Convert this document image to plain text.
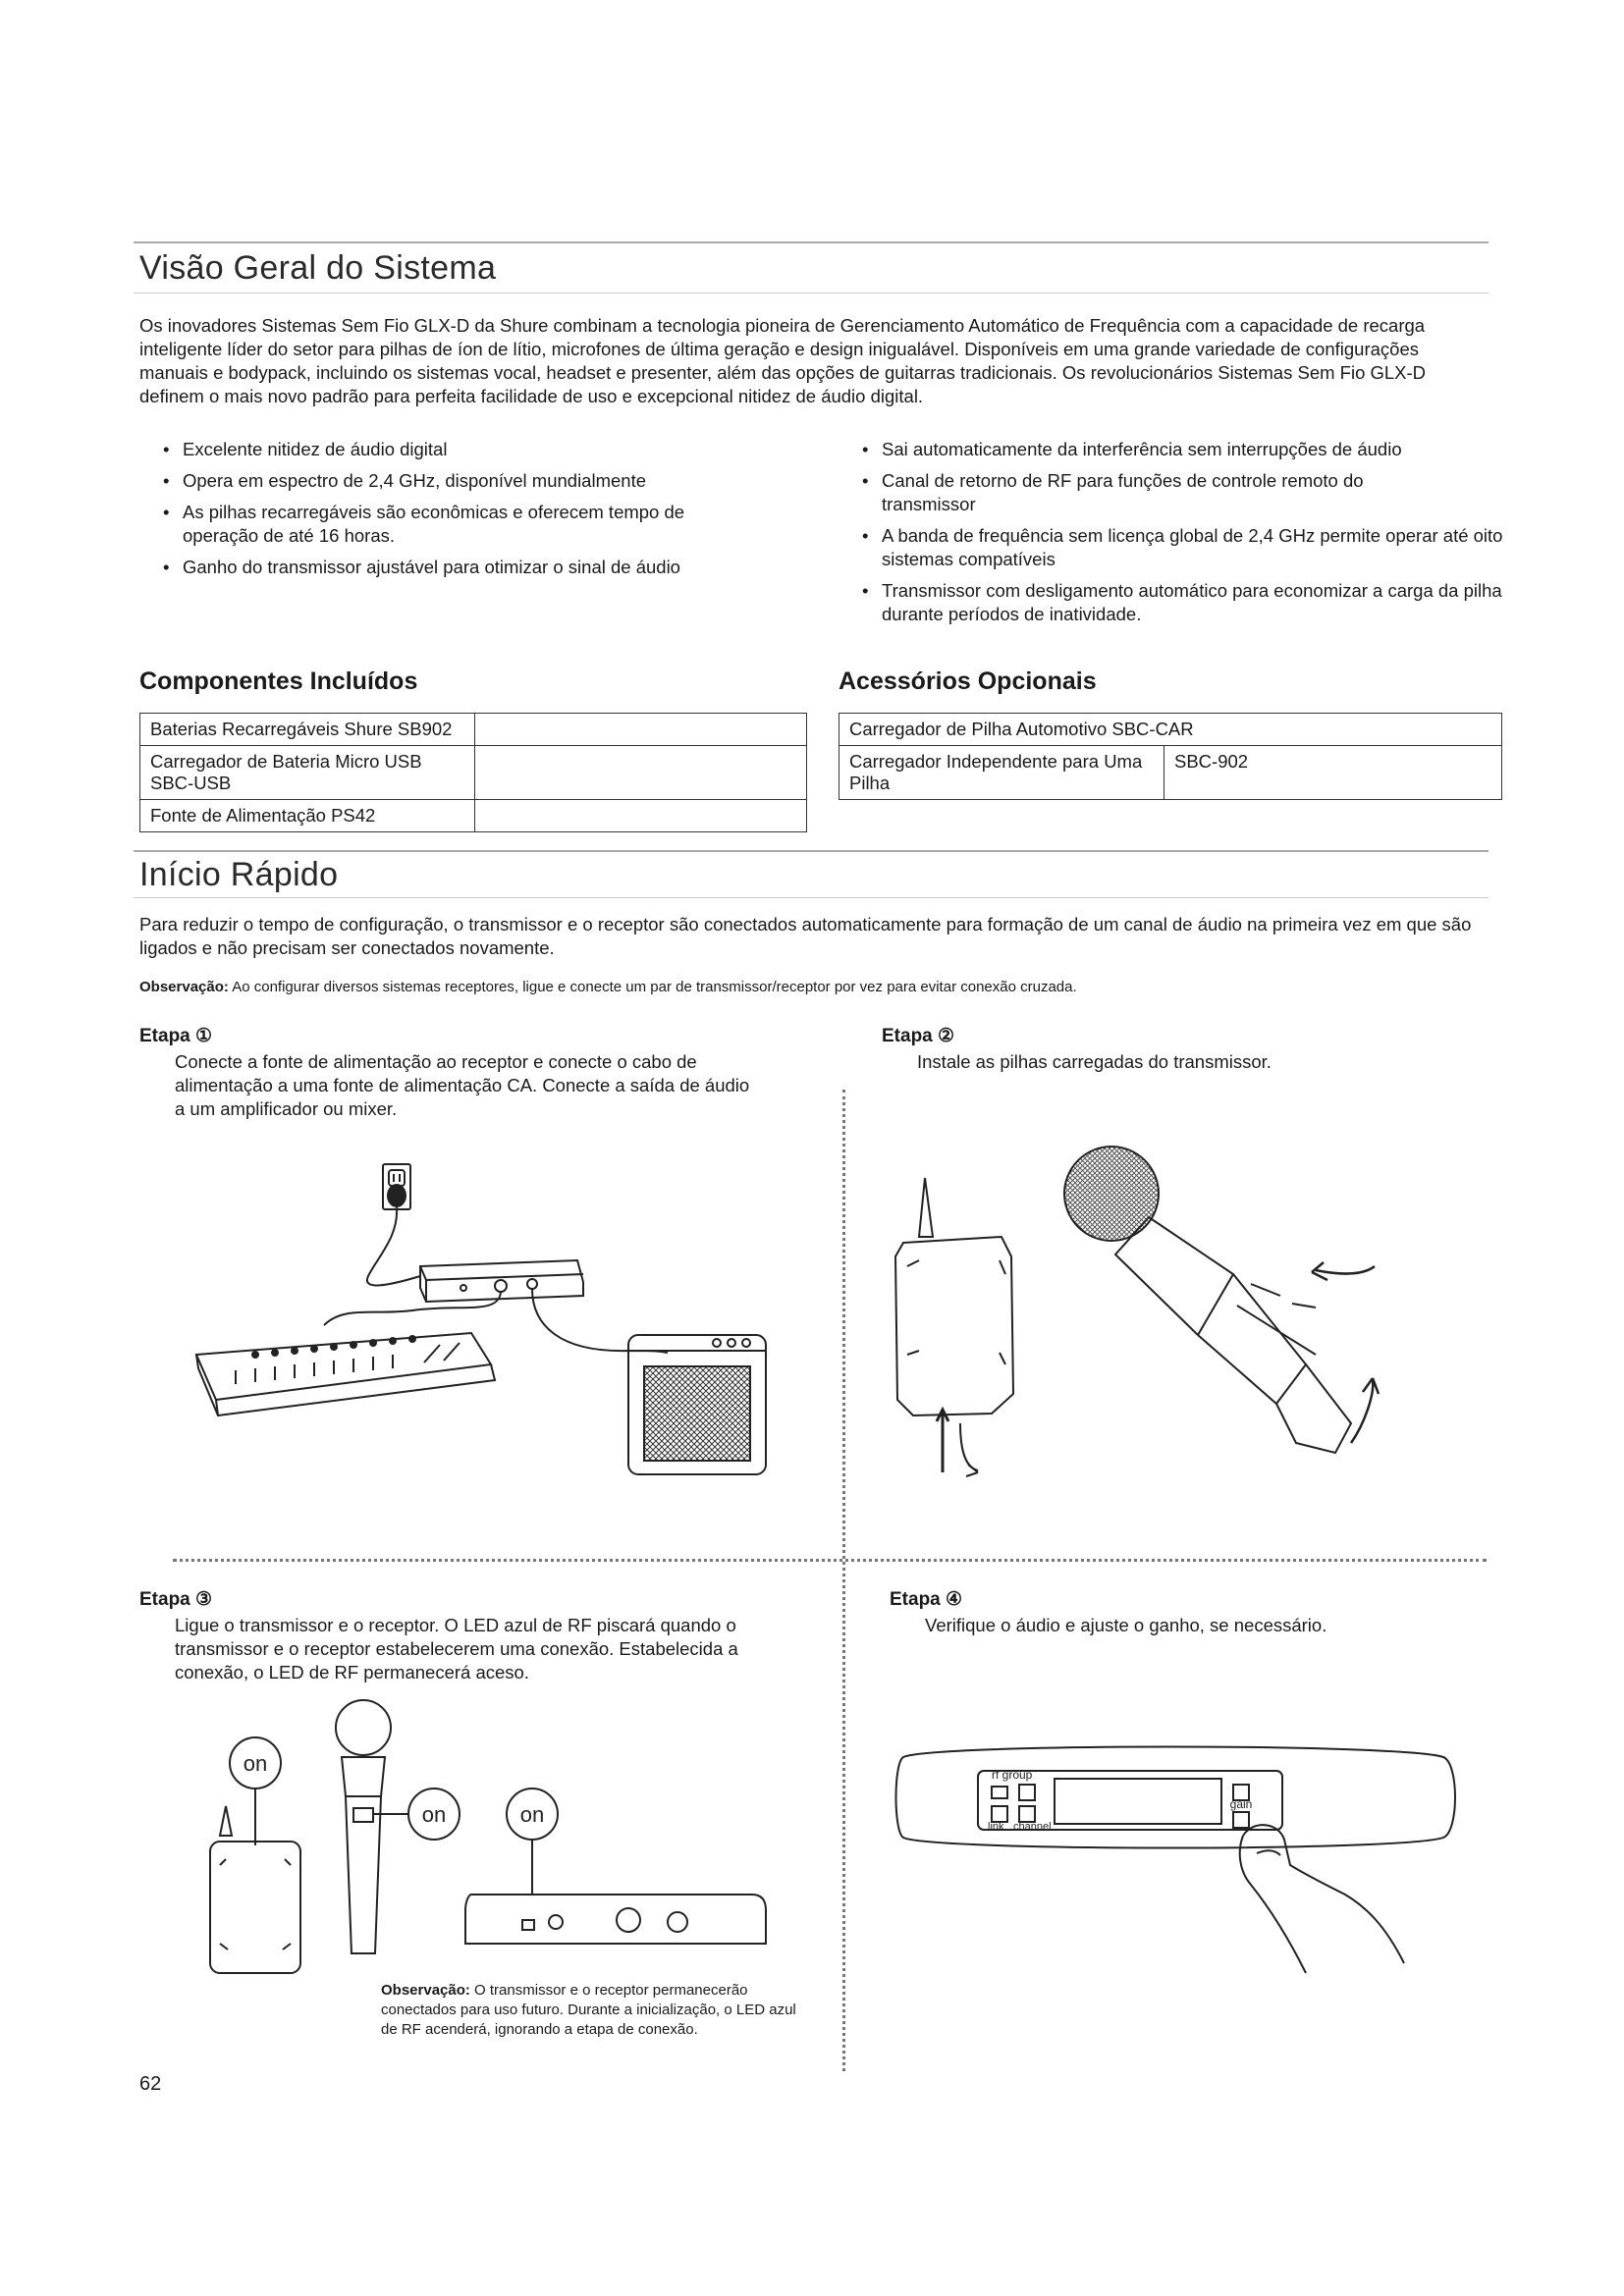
Visão Geral do Sistema
Os inovadores Sistemas Sem Fio GLX-D da Shure combinam a tecnologia pioneira de Gerenciamento Automático de Frequência com a capacidade de recarga inteligente líder do setor para pilhas de íon de lítio, microfones de última geração e design inigualável. Disponíveis em uma grande variedade de configurações manuais e bodypack, incluindo os sistemas vocal, headset e presenter, além das opções de guitarras tradicionais. Os revolucionários Sistemas Sem Fio GLX-D definem o mais novo padrão para perfeita facilidade de uso e excepcional nitidez de áudio digital.
• Excelente nitidez de áudio digital
• Opera em espectro de 2,4 GHz, disponível mundialmente
• As pilhas recarregáveis são econômicas e oferecem tempo de operação de até 16 horas.
• Ganho do transmissor ajustável para otimizar o sinal de áudio
• Sai automaticamente da interferência sem interrupções de áudio
• Canal de retorno de RF para funções de controle remoto do transmissor
• A banda de frequência sem licença global de 2,4 GHz permite operar até oito sistemas compatíveis
• Transmissor com desligamento automático para economizar a carga da pilha durante períodos de inatividade.
Componentes Incluídos
Baterias Recarregáveis Shure SB902	
Carregador de Bateria Micro USB SBC-USB	
Fonte de Alimentação PS42	
Acessórios Opcionais
Carregador de Pilha Automotivo SBC-CAR
Carregador Independente para Uma Pilha	SBC-902
Início Rápido
Para reduzir o tempo de configuração, o transmissor e o receptor são conectados automaticamente para formação de um canal de áudio na primeira vez em que são ligados e não precisam ser conectados novamente.
Observação: Ao configurar diversos sistemas receptores, ligue e conecte um par de transmissor/receptor por vez para evitar conexão cruzada.
Etapa ①
Conecte a fonte de alimentação ao receptor e conecte o cabo de alimentação a uma fonte de alimentação CA. Conecte a saída de áudio a um amplificador ou mixer.
Etapa ②
Instale as pilhas carregadas do transmissor.
Etapa ③
Ligue o transmissor e o receptor. O LED azul de RF piscará quando o transmissor e o receptor estabelecerem uma conexão. Estabelecida a conexão, o LED de RF permanecerá aceso.
Etapa ④
Verifique o áudio e ajuste o ganho, se necessário.
Observação: O transmissor e o receptor permanecerão conectados para uso futuro. Durante a inicialização, o LED azul de RF acenderá, ignorando a etapa de conexão.
on
on	on
rf group
link channel
gain
62
